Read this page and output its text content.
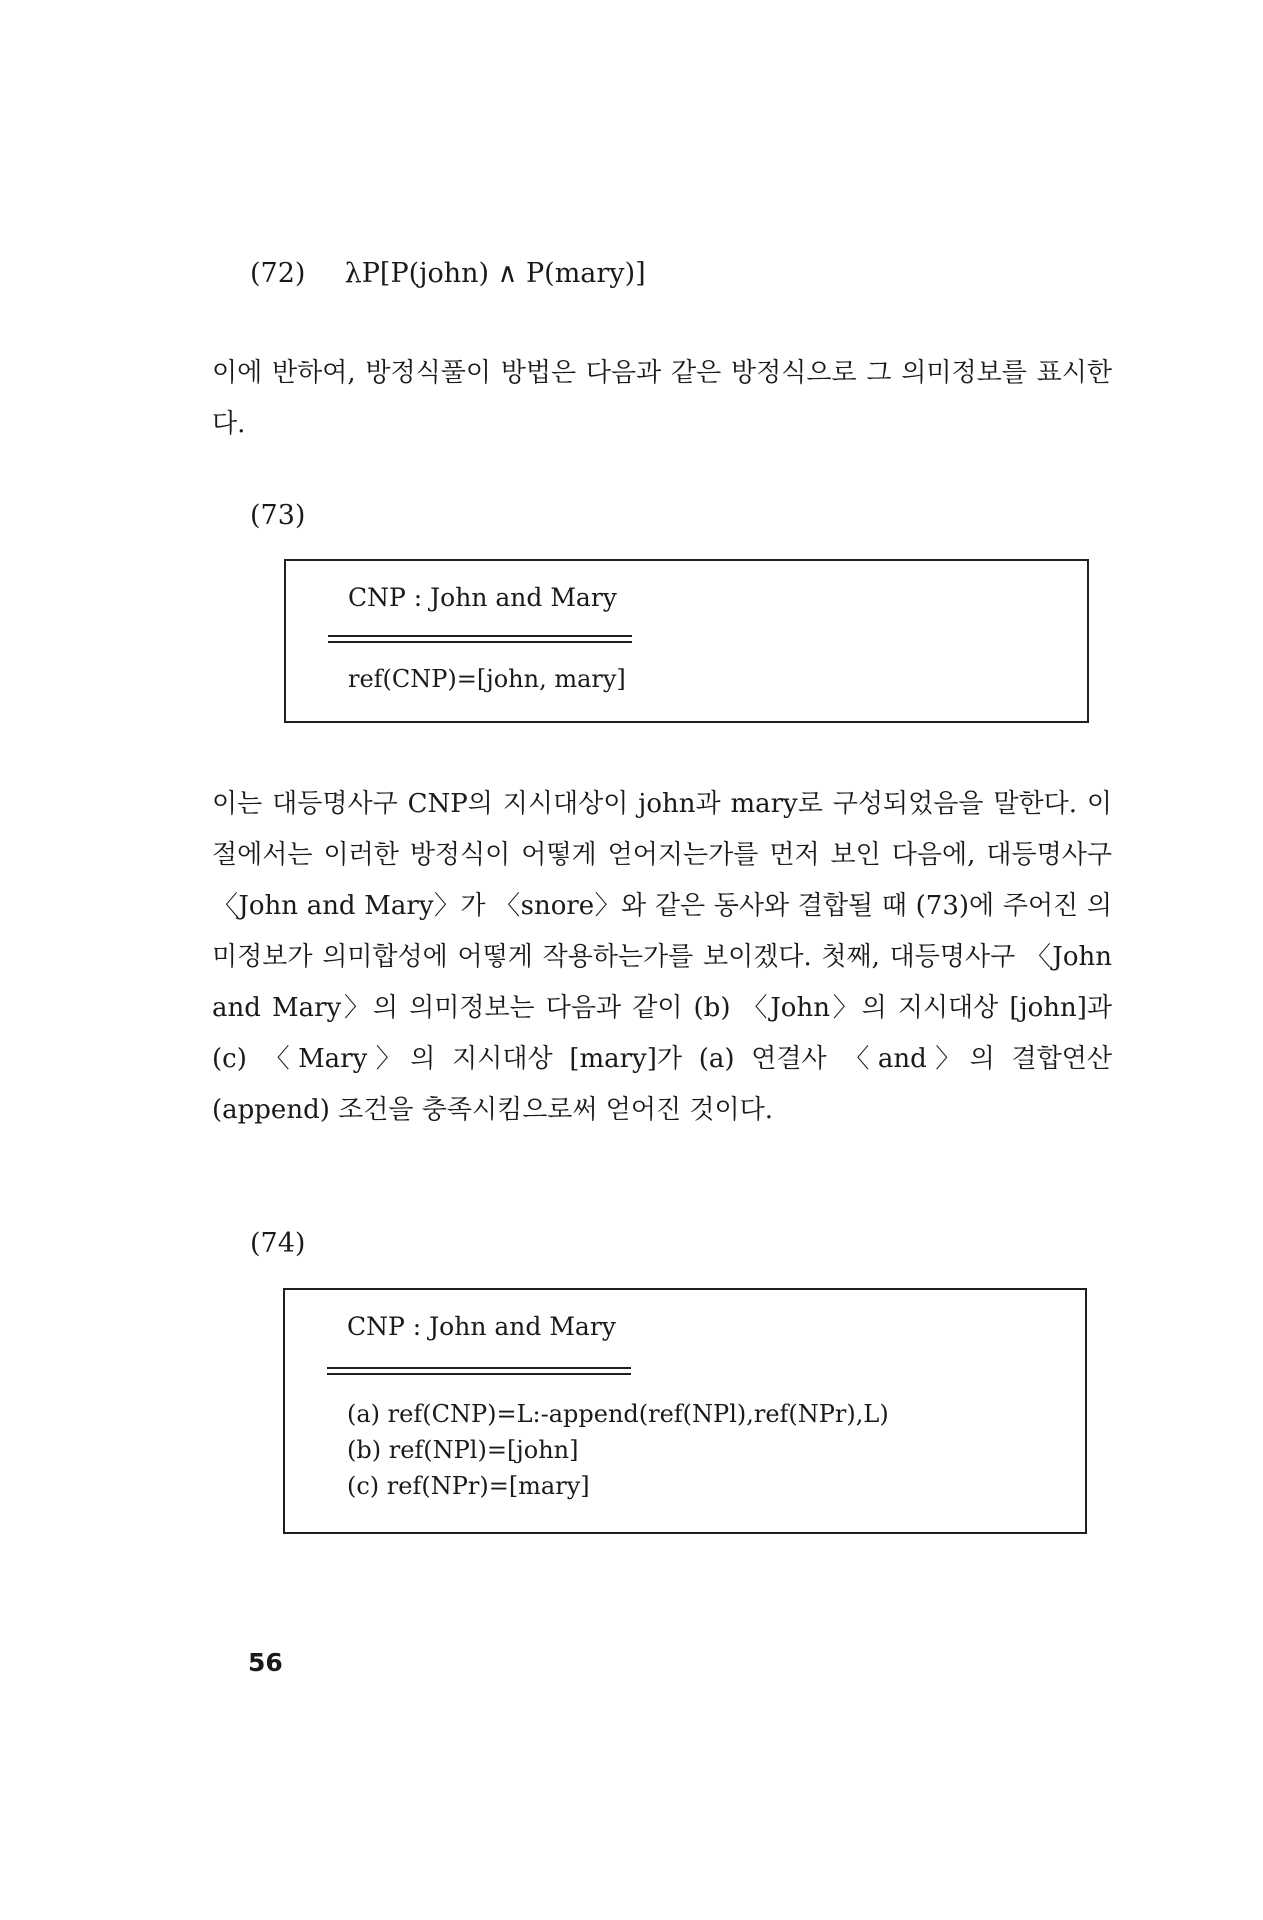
(72) λP[P(john) ∧ P(mary)]

이에 반하여, 방정식풀이 방법은 다음과 같은 방정식으로 그 의미정보를 표시한다.

(73)
CNP : John and Mary
ref(CNP)=[john, mary]

이는 대등명사구 CNP의 지시대상이 john과 mary로 구성되었음을 말한다. 이 절에서는 이러한 방정식이 어떻게 얻어지는가를 먼저 보인 다음에, 대등명사구 〈John and Mary〉가 〈snore〉와 같은 동사와 결합될 때 (73)에 주어진 의미정보가 의미합성에 어떻게 작용하는가를 보이겠다. 첫째, 대등명사구 〈John and Mary〉의 의미정보는 다음과 같이 (b) 〈John〉의 지시대상 [john]과 (c) 〈Mary〉의 지시대상 [mary]가 (a) 연결사 〈and〉의 결합연산(append) 조건을 충족시킴으로써 얻어진 것이다.

(74)
CNP : John and Mary
(a) ref(CNP)=L:-append(ref(NPl),ref(NPr),L)
(b) ref(NPl)=[john]
(c) ref(NPr)=[mary]
56
